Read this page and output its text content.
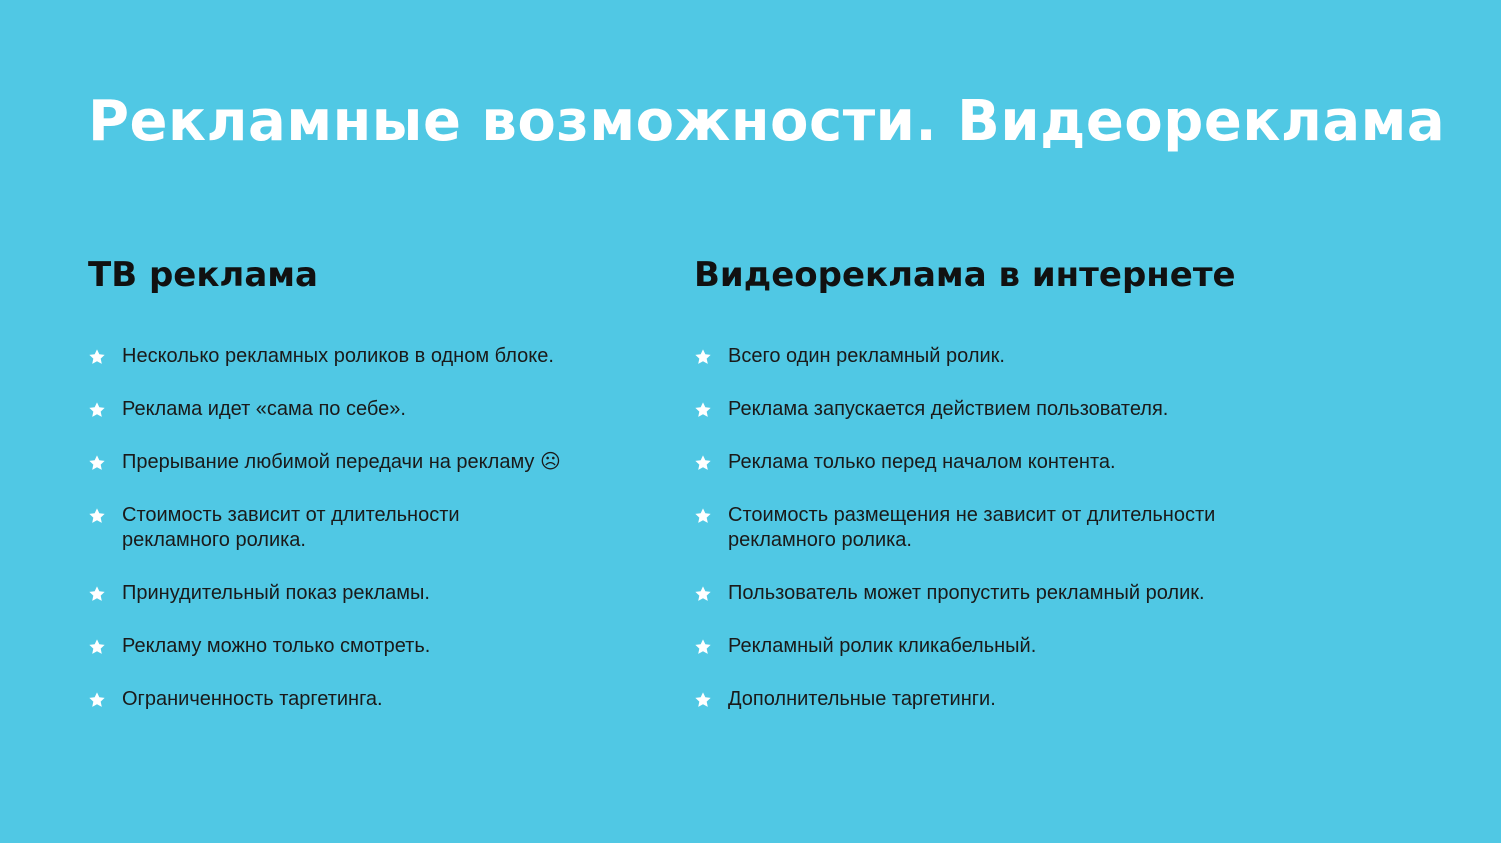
Рекламные возможности. Видеореклама
ТВ реклама
Несколько рекламных роликов в одном блоке.
Реклама идет «сама по себе».
Прерывание любимой передачи на рекламу ☹
Стоимость зависит от длительности рекламного ролика.
Принудительный показ рекламы.
Рекламу можно только смотреть.
Ограниченность таргетинга.
Видеореклама в интернете
Всего один рекламный ролик.
Реклама запускается действием пользователя.
Реклама только перед началом контента.
Стоимость размещения не зависит от длительности рекламного ролика.
Пользователь может пропустить рекламный ролик.
Рекламный ролик кликабельный.
Дополнительные таргетинги.
